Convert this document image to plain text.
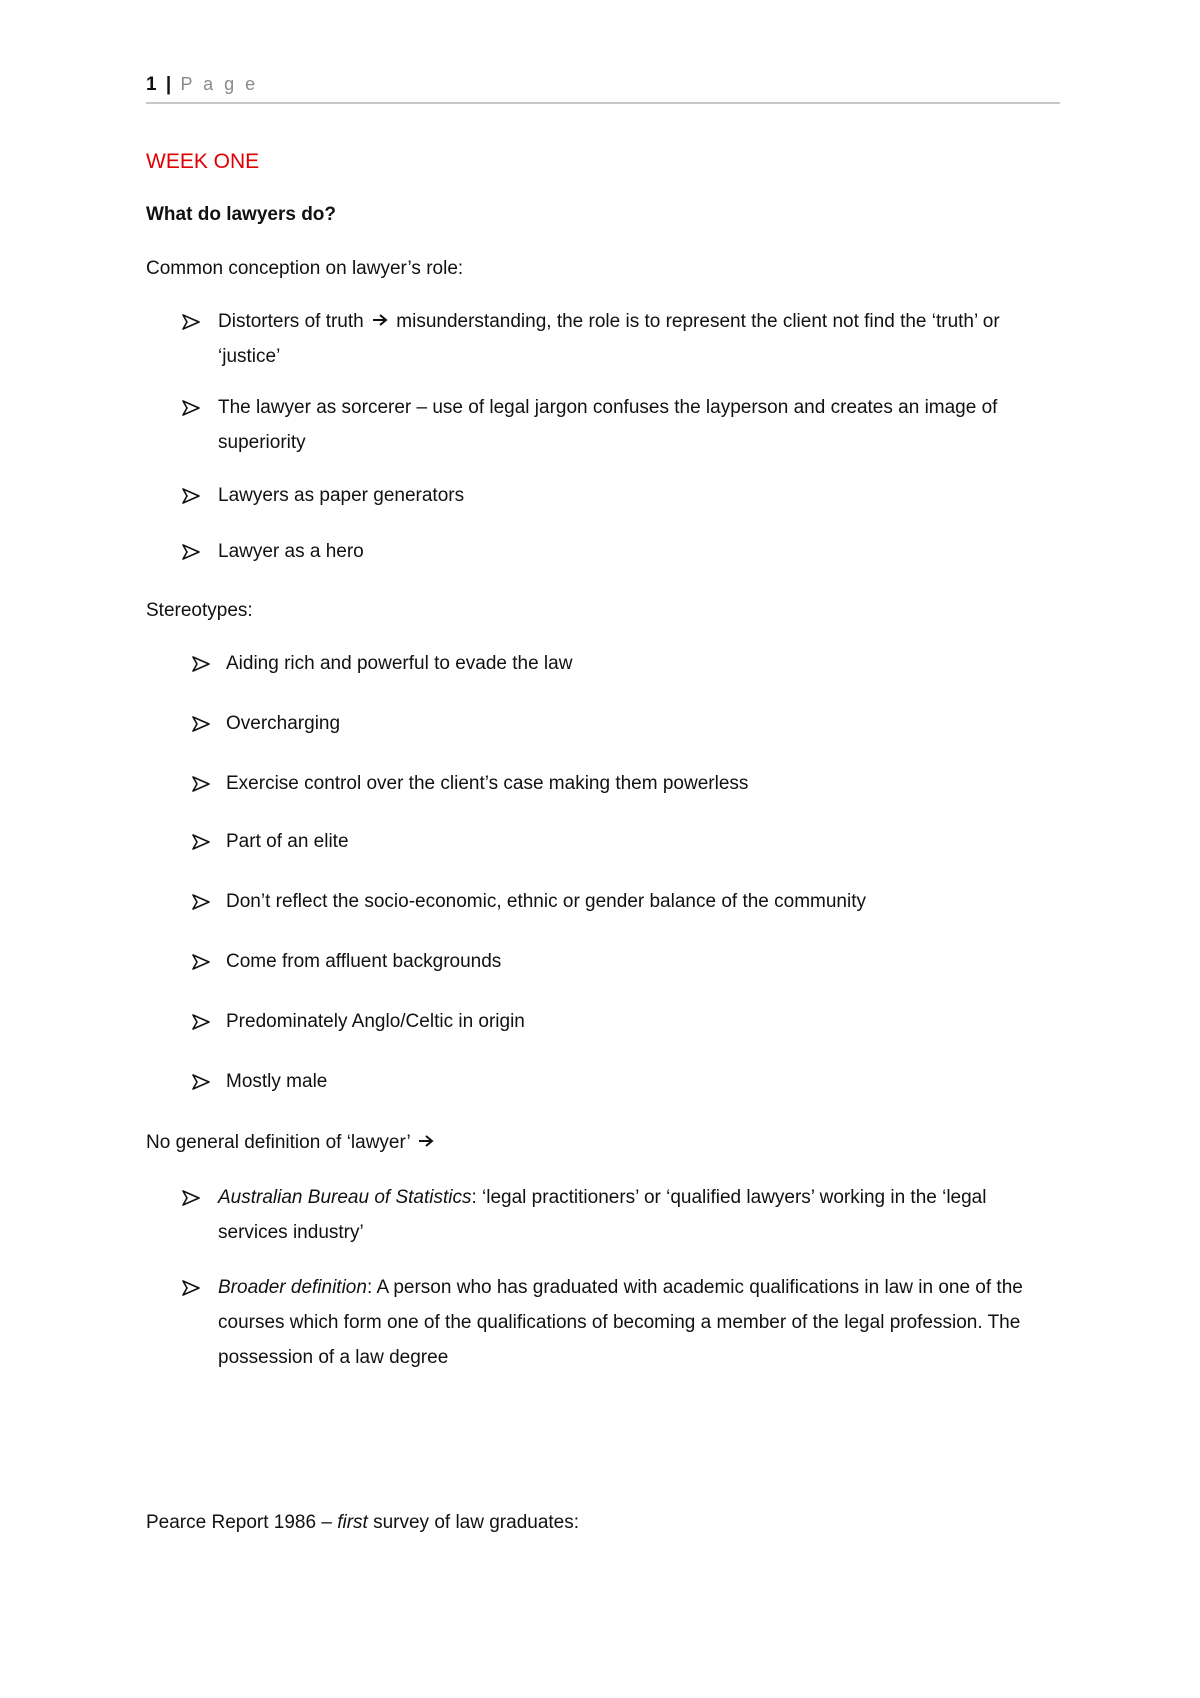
1 | P a g e
WEEK ONE
What do lawyers do?
Common conception on lawyer’s role:
Distorters of truth misunderstanding, the role is to represent the client not find the ‘truth’ or ‘justice’
The lawyer as sorcerer – use of legal jargon confuses the layperson and creates an image of superiority
Lawyers as paper generators
Lawyer as a hero
Stereotypes:
Aiding rich and powerful to evade the law
Overcharging
Exercise control over the client’s case making them powerless
Part of an elite
Don’t reflect the socio-economic, ethnic or gender balance of the community
Come from affluent backgrounds
Predominately Anglo/Celtic in origin
Mostly male
No general definition of ‘lawyer’
Australian Bureau of Statistics: ‘legal practitioners’ or ‘qualified lawyers’ working in the ‘legal services industry’
Broader definition: A person who has graduated with academic qualifications in law in one of the courses which form one of the qualifications of becoming a member of the legal profession. The possession of a law degree
Pearce Report 1986 – first survey of law graduates:
